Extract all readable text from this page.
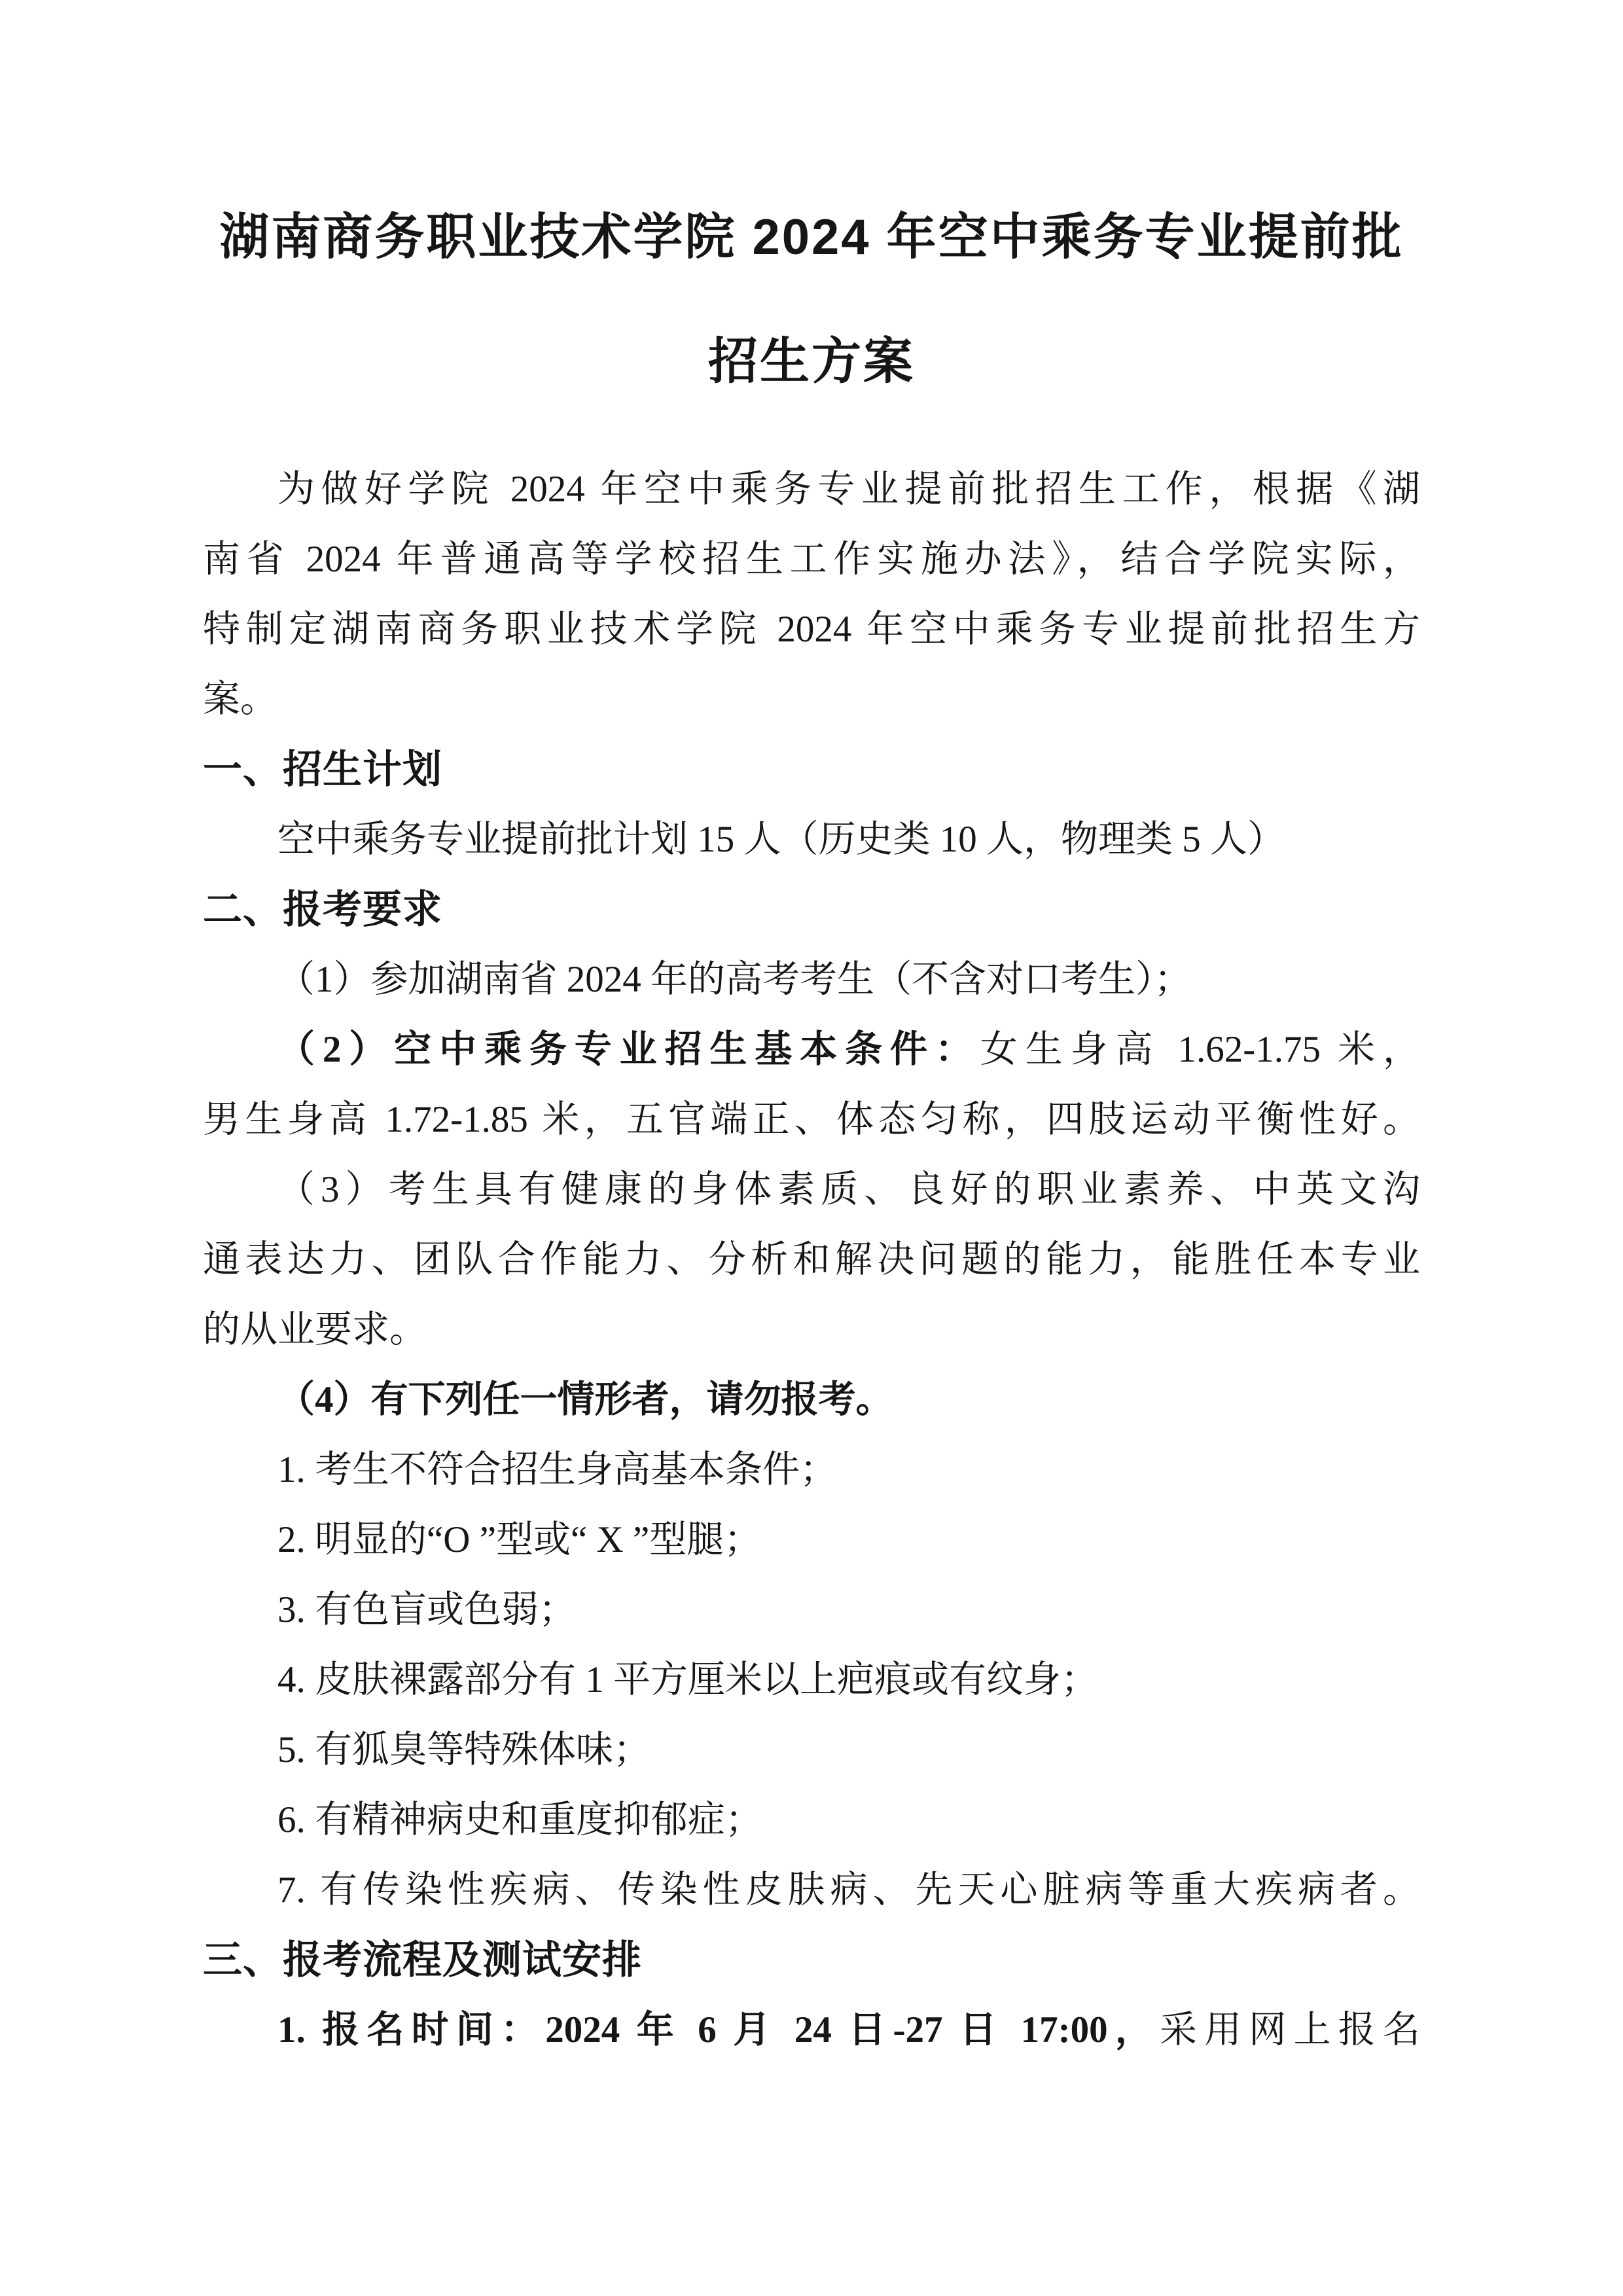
湖南商务职业技术学院 2024 年空中乘务专业提前批

招生方案

为做好学院 2024 年空中乘务专业提前批招生工作，根据《湖

南省 2024 年普通高等学校招生工作实施办法》，结合学院实际，

特制定湖南商务职业技术学院 2024 年空中乘务专业提前批招生方

案。

一、招生计划

空中乘务专业提前批计划 15 人（历史类 10 人，物理类 5 人）

二、报考要求

（1）参加湖南省 2024 年的高考考生（不含对口考生）；

（2）空中乘务专业招生基本条件：女生身高 1.62-1.75 米，

男生身高 1.72-1.85 米，五官端正、体态匀称，四肢运动平衡性好。

（3）考生具有健康的身体素质、良好的职业素养、中英文沟

通表达力、团队合作能力、分析和解决问题的能力，能胜任本专业

的从业要求。

（4）有下列任一情形者，请勿报考。

1. 考生不符合招生身高基本条件；

2. 明显的“O ”型或“ X ”型腿；

3. 有色盲或色弱；

4. 皮肤裸露部分有 1 平方厘米以上疤痕或有纹身；

5. 有狐臭等特殊体味；

6. 有精神病史和重度抑郁症；

7. 有传染性疾病、传染性皮肤病、先天心脏病等重大疾病者。

三、报考流程及测试安排

1. 报名时间：2024 年 6 月 24 日-27 日 17:00，采用网上报名
